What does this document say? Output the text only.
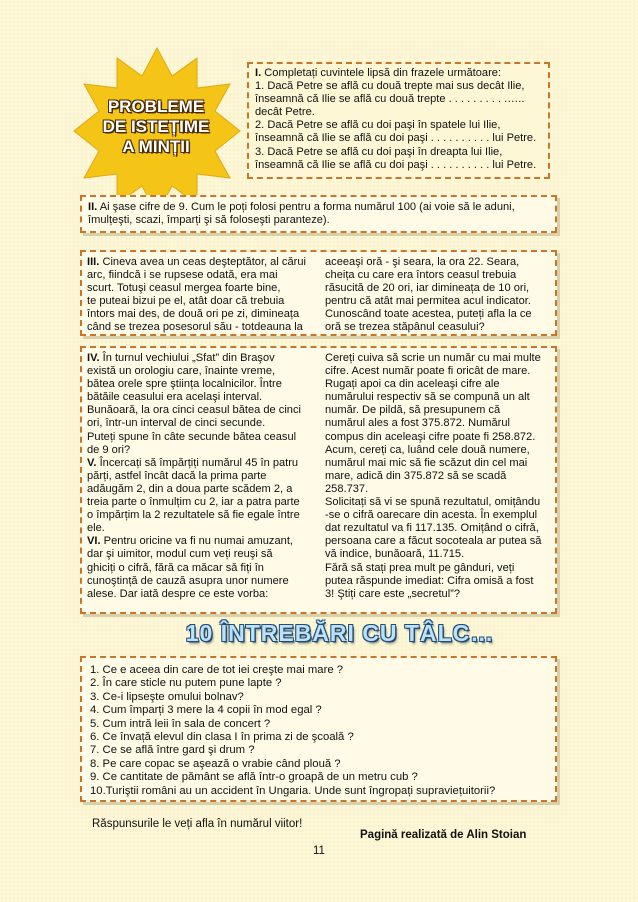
PROBLEME
DE ISTEȚIME
A MINȚII

I. Completați cuvintele lipsă din frazele următoare:

1. Dacă Petre se află cu două trepte mai sus decât Ilie,

înseamnă că Ilie se află cu două trepte . . . . . . . . . .…..

decât Petre.

2. Dacă Petre se află cu doi paşi în spatele lui Ilie,

înseamnă că Ilie se află cu doi paşi . . . . . . . . . . lui Petre.

3. Dacă Petre se află cu doi paşi în dreapta lui Ilie,

înseamnă că Ilie se află cu doi paşi . . . . . . . . . . lui Petre.

II. Ai şase cifre de 9. Cum le poți folosi pentru a forma numărul 100 (ai voie să le aduni,

îmulțeşti, scazi, împarți şi să foloseşti paranteze).

III. Cineva avea un ceas deşteptător, al cărui

arc, fiindcă i se rupsese odată, era mai

scurt. Totuşi ceasul mergea foarte bine,

te puteai bizui pe el, atât doar că trebuia

întors mai des, de două ori pe zi, dimineața

când se trezea posesorul său - totdeauna la

aceeaşi oră - şi seara, la ora 22. Seara,

cheița cu care era întors ceasul trebuia

răsucită de 20 ori, iar dimineața de 10 ori,

pentru că atât mai permitea acul indicator.

Cunoscând toate acestea, puteți afla la ce

oră se trezea stăpânul ceasului?

IV. În turnul vechiului „Sfat” din Braşov

există un orologiu care, înainte vreme,

bătea orele spre ştiința localnicilor. Între

bătăile ceasului era acelaşi interval.

Bunăoară, la ora cinci ceasul bătea de cinci

ori, într-un interval de cinci secunde.

Puteți spune în câte secunde bătea ceasul

de 9 ori?

V. Încercați să împărțiți numărul 45 în patru

părți, astfel încât dacă la prima parte

adăugăm 2, din a doua parte scădem 2, a

treia parte o înmulțim cu 2, iar a patra parte

o împărțim la 2 rezultatele să fie egale între

ele.

VI. Pentru oricine va fi nu numai amuzant,

dar şi uimitor, modul cum veți reuşi să

ghiciți o cifră, fără ca măcar să fiți în

cunoştință de cauză asupra unor numere

alese. Dar iată despre ce este vorba:

Cereți cuiva să scrie un număr cu mai multe

cifre. Acest număr poate fi oricât de mare.

Rugați apoi ca din aceleaşi cifre ale

numărului respectiv să se compună un alt

număr. De pildă, să presupunem că

numărul ales a fost 375.872. Numărul

compus din aceleaşi cifre poate fi 258.872.

Acum, cereți ca, luând cele două numere,

numărul mai mic să fie scăzut din cel mai

mare, adică din 375.872 să se scadă

258.737.

Solicitați să vi se spună rezultatul, omițându

-se o cifră oarecare din acesta. În exemplul

dat rezultatul va fi 117.135. Omițând o cifră,

persoana care a făcut socoteala ar putea să

vă indice, bunăoară, 11.715.

Fără să stați prea mult pe gânduri, veți

putea răspunde imediat: Cifra omisă a fost

3! Ştiți care este „secretul”?

10 ÎNTREBĂRI CU TÂLC…

1. Ce e aceea din care de tot iei creşte mai mare ?

2. În care sticle nu putem pune lapte ?

3. Ce-i lipseşte omului bolnav?

4. Cum împarți 3 mere la 4 copii în mod egal ?

5. Cum intră leii în sala de concert ?

6. Ce învață elevul din clasa I în prima zi de şcoală ?

7. Ce se află între gard şi drum ?

8. Pe care copac se aşează o vrabie când plouă ?

9. Ce cantitate de pământ se află într-o groapă de un metru cub ?

10.Turiştii români au un accident în Ungaria. Unde sunt îngropați supraviețuitorii?

Răspunsurile le veți afla în numărul viitor!
Pagină realizată de Alin Stoian
11
